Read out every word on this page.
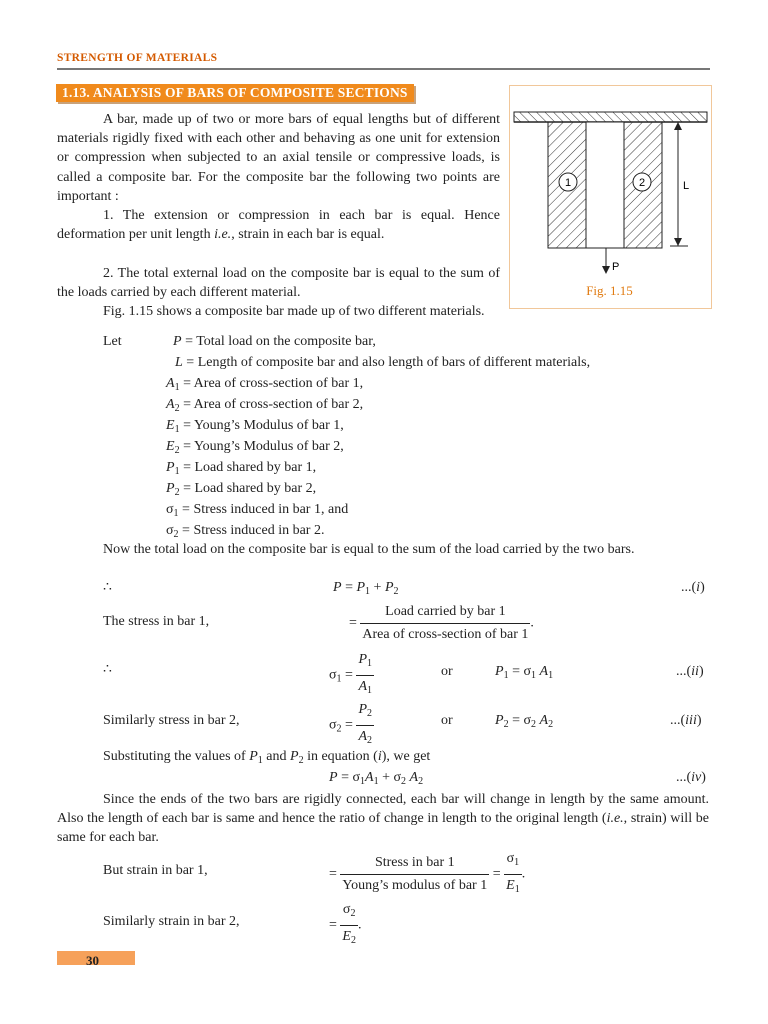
STRENGTH OF MATERIALS
1.13. ANALYSIS OF BARS OF COMPOSITE SECTIONS
A bar, made up of two or more bars of equal lengths but of different materials rigidly fixed with each other and behaving as one unit for extension or compression when subjected to an axial tensile or compressive loads, is called a composite bar. For the composite bar the following two points are important :
1. The extension or compression in each bar is equal. Hence deformation per unit length i.e., strain in each bar is equal.
2. The total external load on the composite bar is equal to the sum of the loads carried by each different material.
Fig. 1.15 shows a composite bar made up of two different materials.
1	2	L
P
Fig. 1.15
Let	P = Total load on the composite bar,
L = Length of composite bar and also length of bars of different materials,
$A_1$ = Area of cross-section of bar 1,
$A_2$ = Area of cross-section of bar 2,
$E_1$ = Young’s Modulus of bar 1,
$E_2$ = Young’s Modulus of bar 2,
$P_1$ = Load shared by bar 1,
$P_2$ = Load shared by bar 2,
$\sigma_1$ = Stress induced in bar 1, and
$\sigma_2$ = Stress induced in bar 2.
Now the total load on the composite bar is equal to the sum of the load carried by the two bars.
∴	$P = P_1 + P_2$	...(i)
The stress in bar 1,	= $\frac{\text{Load carried by bar 1}}{\text{Area of cross-section of bar 1}}$ .
∴	$\sigma_1 = \frac{P_1}{A_1}$	or	$P_1 = \sigma_1$ $A_1$	...(ii)
Similarly stress in bar 2,	$\sigma_2 = \frac{P_2}{A_2}$	or	$P_2 = \sigma_2$ $A_2$	...(iii)
Substituting the values of $P_1$ and $P_2$ in equation (i), we get
$P = \sigma_1A_1 + \sigma_2$ $A_2$	...(iv)
Since the ends of the two bars are rigidly connected, each bar will change in length by the same amount. Also the length of each bar is same and hence the ratio of change in length to the original length (i.e., strain) will be same for each bar.
But strain in bar 1,	= $\frac{\text{Stress in bar 1}}{\text{Young’s modulus of bar 1}} = \frac{\sigma_1}{E_1}$ .
Similarly strain in bar 2,	= $\frac{\sigma_2}{E_2}$ .
30
